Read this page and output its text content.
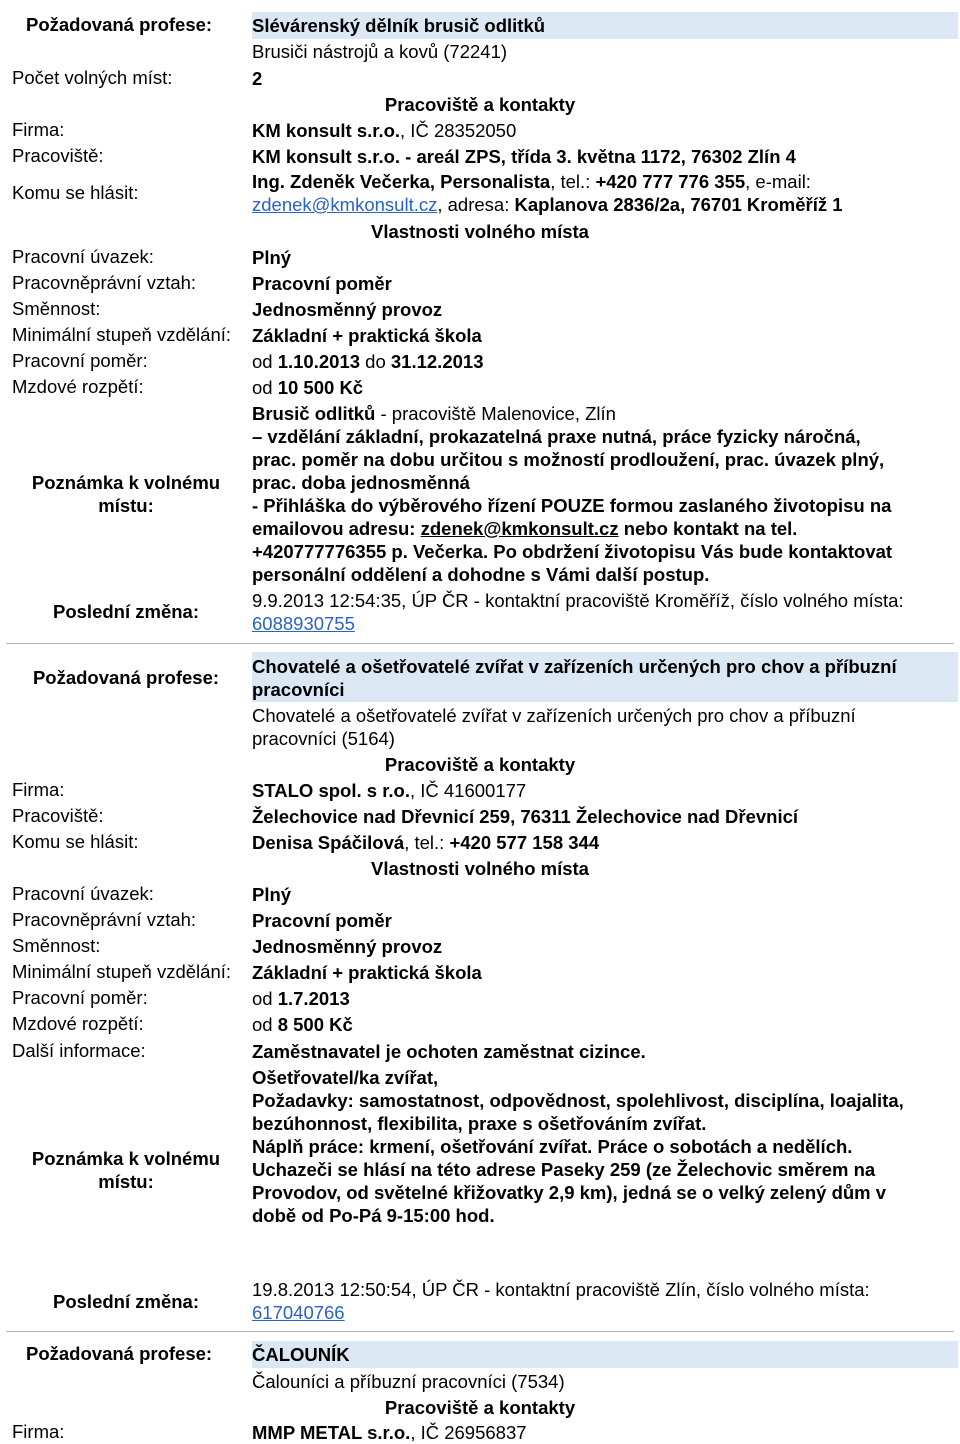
Požadovaná profese: Slévárenský dělník brusič odlitků
Brusiči nástrojů a kovů (72241)
Počet volných míst:	2
Pracoviště a kontakty
Firma:	KM konsult s.r.o., IČ 28352050
Pracoviště:	KM konsult s.r.o. - areál ZPS, třída 3. května 1172, 76302 Zlín 4
Komu se hlásit:
Ing. Zdeněk Večerka, Personalista, tel.: +420 777 776 355, e-mail:
zdenek@kmkonsult.cz, adresa: Kaplanova 2836/2a, 76701 Kroměříž 1
Vlastnosti volného místa
Pracovní úvazek:	Plný
Pracovněprávní vztah:	Pracovní poměr
Směnnost:	Jednosměnný provoz
Minimální stupeň vzdělání: Základní + praktická škola
Pracovní poměr:	od 1.10.2013 do 31.12.2013
Mzdové rozpětí:	od 10 500 Kč
Poznámka k volnému
místu:
Brusič odlitků - pracoviště Malenovice, Zlín
– vzdělání základní, prokazatelná praxe nutná, práce fyzicky náročná,
prac. poměr na dobu určitou s možností prodloužení, prac. úvazek plný,
prac. doba jednosměnná
- Přihláška do výběrového řízení POUZE formou zaslaného životopisu na
emailovou adresu: zdenek@kmkonsult.cz nebo kontakt na tel.
+420777776355 p. Večerka. Po obdržení životopisu Vás bude kontaktovat
personální oddělení a dohodne s Vámi další postup.
Poslední změna:
9.9.2013 12:54:35, ÚP ČR - kontaktní pracoviště Kroměříž, číslo volného místa:
6088930755
Požadovaná profese:
Chovatelé a ošetřovatelé zvířat v zařízeních určených pro chov a příbuzní
pracovníci
Chovatelé a ošetřovatelé zvířat v zařízeních určených pro chov a příbuzní
pracovníci (5164)
Pracoviště a kontakty
Firma:	STALO spol. s r.o., IČ 41600177
Pracoviště:	Želechovice nad Dřevnicí 259, 76311 Želechovice nad Dřevnicí
Komu se hlásit:	Denisa Spáčilová, tel.: +420 577 158 344
Vlastnosti volného místa
Pracovní úvazek:	Plný
Pracovněprávní vztah:	Pracovní poměr
Směnnost:	Jednosměnný provoz
Minimální stupeň vzdělání: Základní + praktická škola
Pracovní poměr:	od 1.7.2013
Mzdové rozpětí:	od 8 500 Kč
Další informace:	Zaměstnavatel je ochoten zaměstnat cizince.
Poznámka k volnému
místu:
Ošetřovatel/ka zvířat,
Požadavky: samostatnost, odpovědnost, spolehlivost, disciplína, loajalita,
bezúhonnost, flexibilita, praxe s ošetřováním zvířat.
Náplň práce: krmení, ošetřování zvířat. Práce o sobotách a nedělích.
Uchazeči se hlásí na této adrese Paseky 259 (ze Želechovic směrem na
Provodov, od světelné křižovatky 2,9 km), jedná se o velký zelený dům v
době od Po-Pá 9-15:00 hod.
Poslední změna:
19.8.2013 12:50:54, ÚP ČR - kontaktní pracoviště Zlín, číslo volného místa:
617040766
Požadovaná profese: ČALOUNÍK
Čalouníci a příbuzní pracovníci (7534)
Pracoviště a kontakty
Firma:	MMP METAL s.r.o., IČ 26956837
